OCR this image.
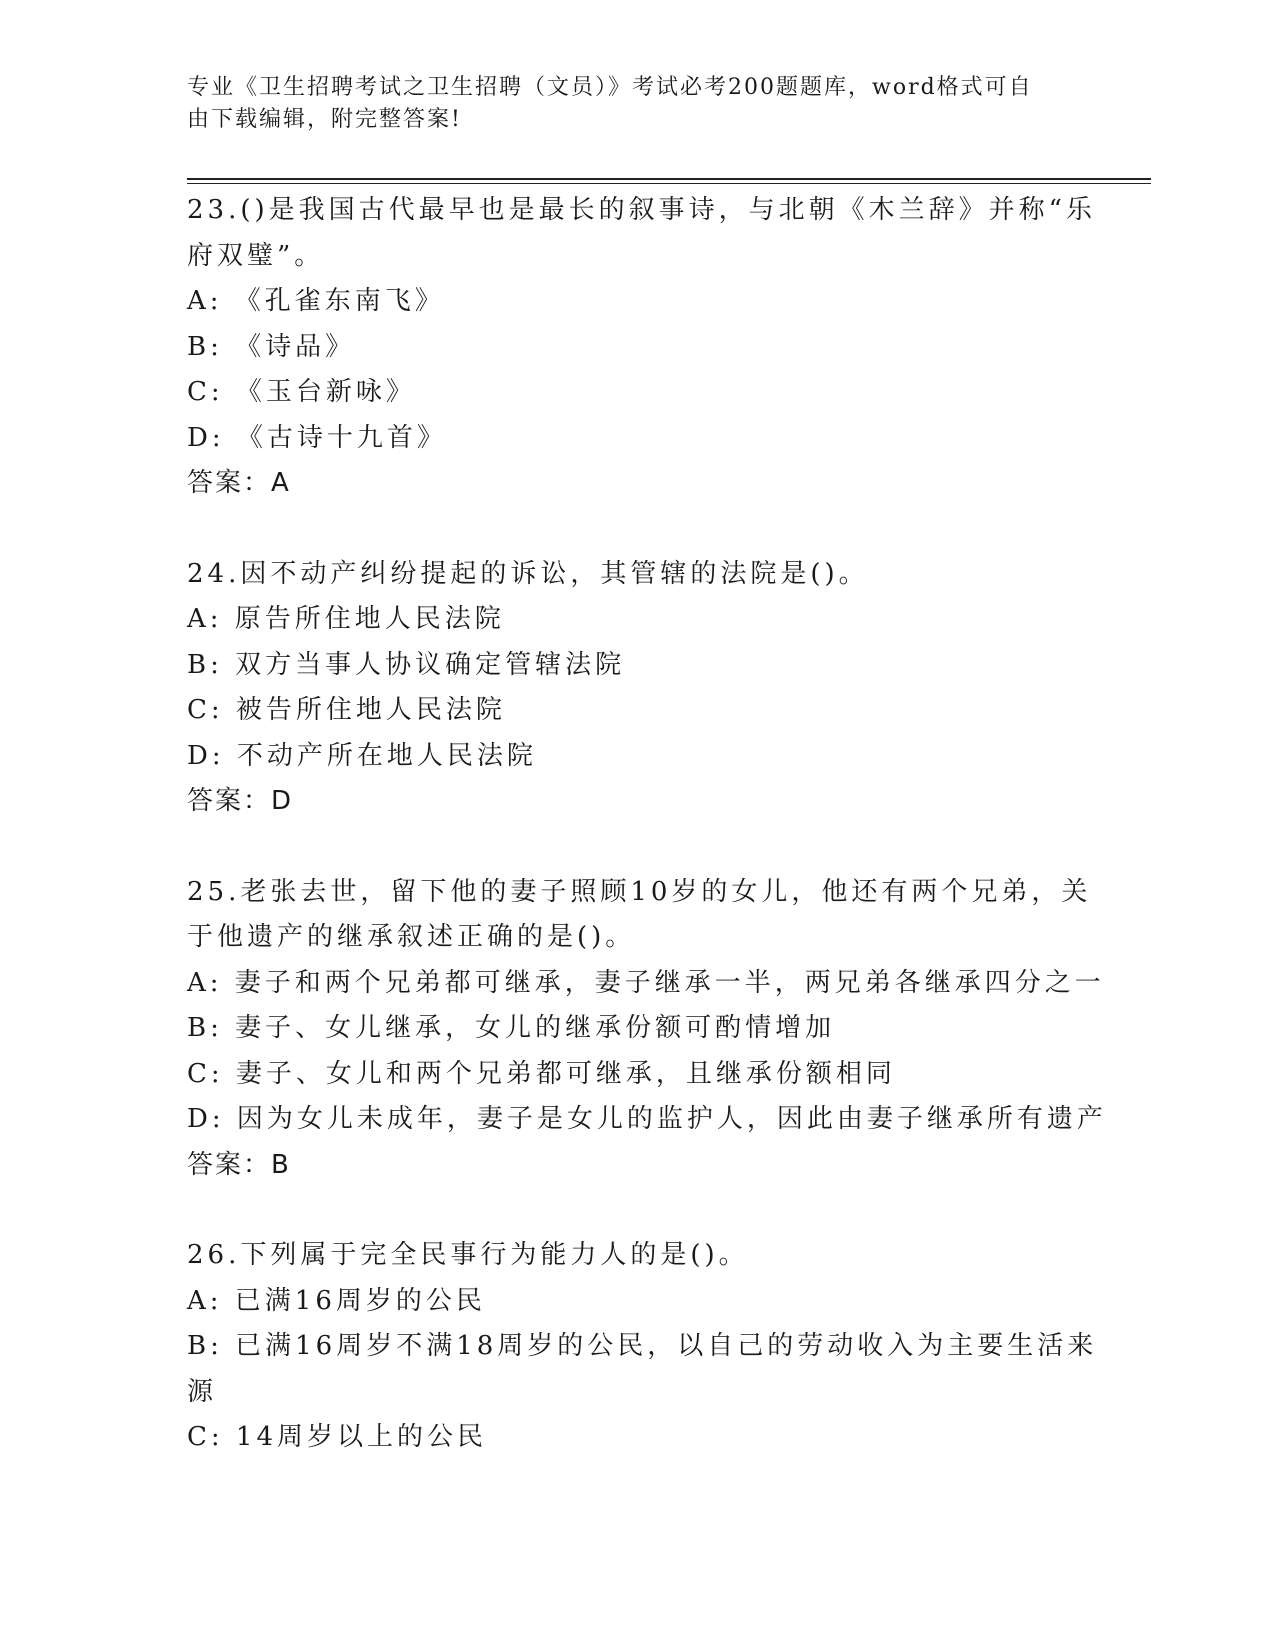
专业《卫生招聘考试之卫生招聘（文员）》考试必考200题题库，word格式可自
由下载编辑，附完整答案!
23.()是我国古代最早也是最长的叙事诗，与北朝《木兰辞》并称“乐
府双璧”。
A: 《孔雀东南飞》
B: 《诗品》
C: 《玉台新咏》
D: 《古诗十九首》
答案：A
24.因不动产纠纷提起的诉讼，其管辖的法院是()。
A: 原告所住地人民法院
B: 双方当事人协议确定管辖法院
C: 被告所住地人民法院
D: 不动产所在地人民法院
答案：D
25.老张去世，留下他的妻子照顾10岁的女儿，他还有两个兄弟，关
于他遗产的继承叙述正确的是()。
A: 妻子和两个兄弟都可继承，妻子继承一半，两兄弟各继承四分之一
B: 妻子、女儿继承，女儿的继承份额可酌情增加
C: 妻子、女儿和两个兄弟都可继承，且继承份额相同
D: 因为女儿未成年，妻子是女儿的监护人，因此由妻子继承所有遗产
答案：B
26.下列属于完全民事行为能力人的是()。
A: 已满16周岁的公民
B: 已满16周岁不满18周岁的公民，以自己的劳动收入为主要生活来
源
C: 14周岁以上的公民
